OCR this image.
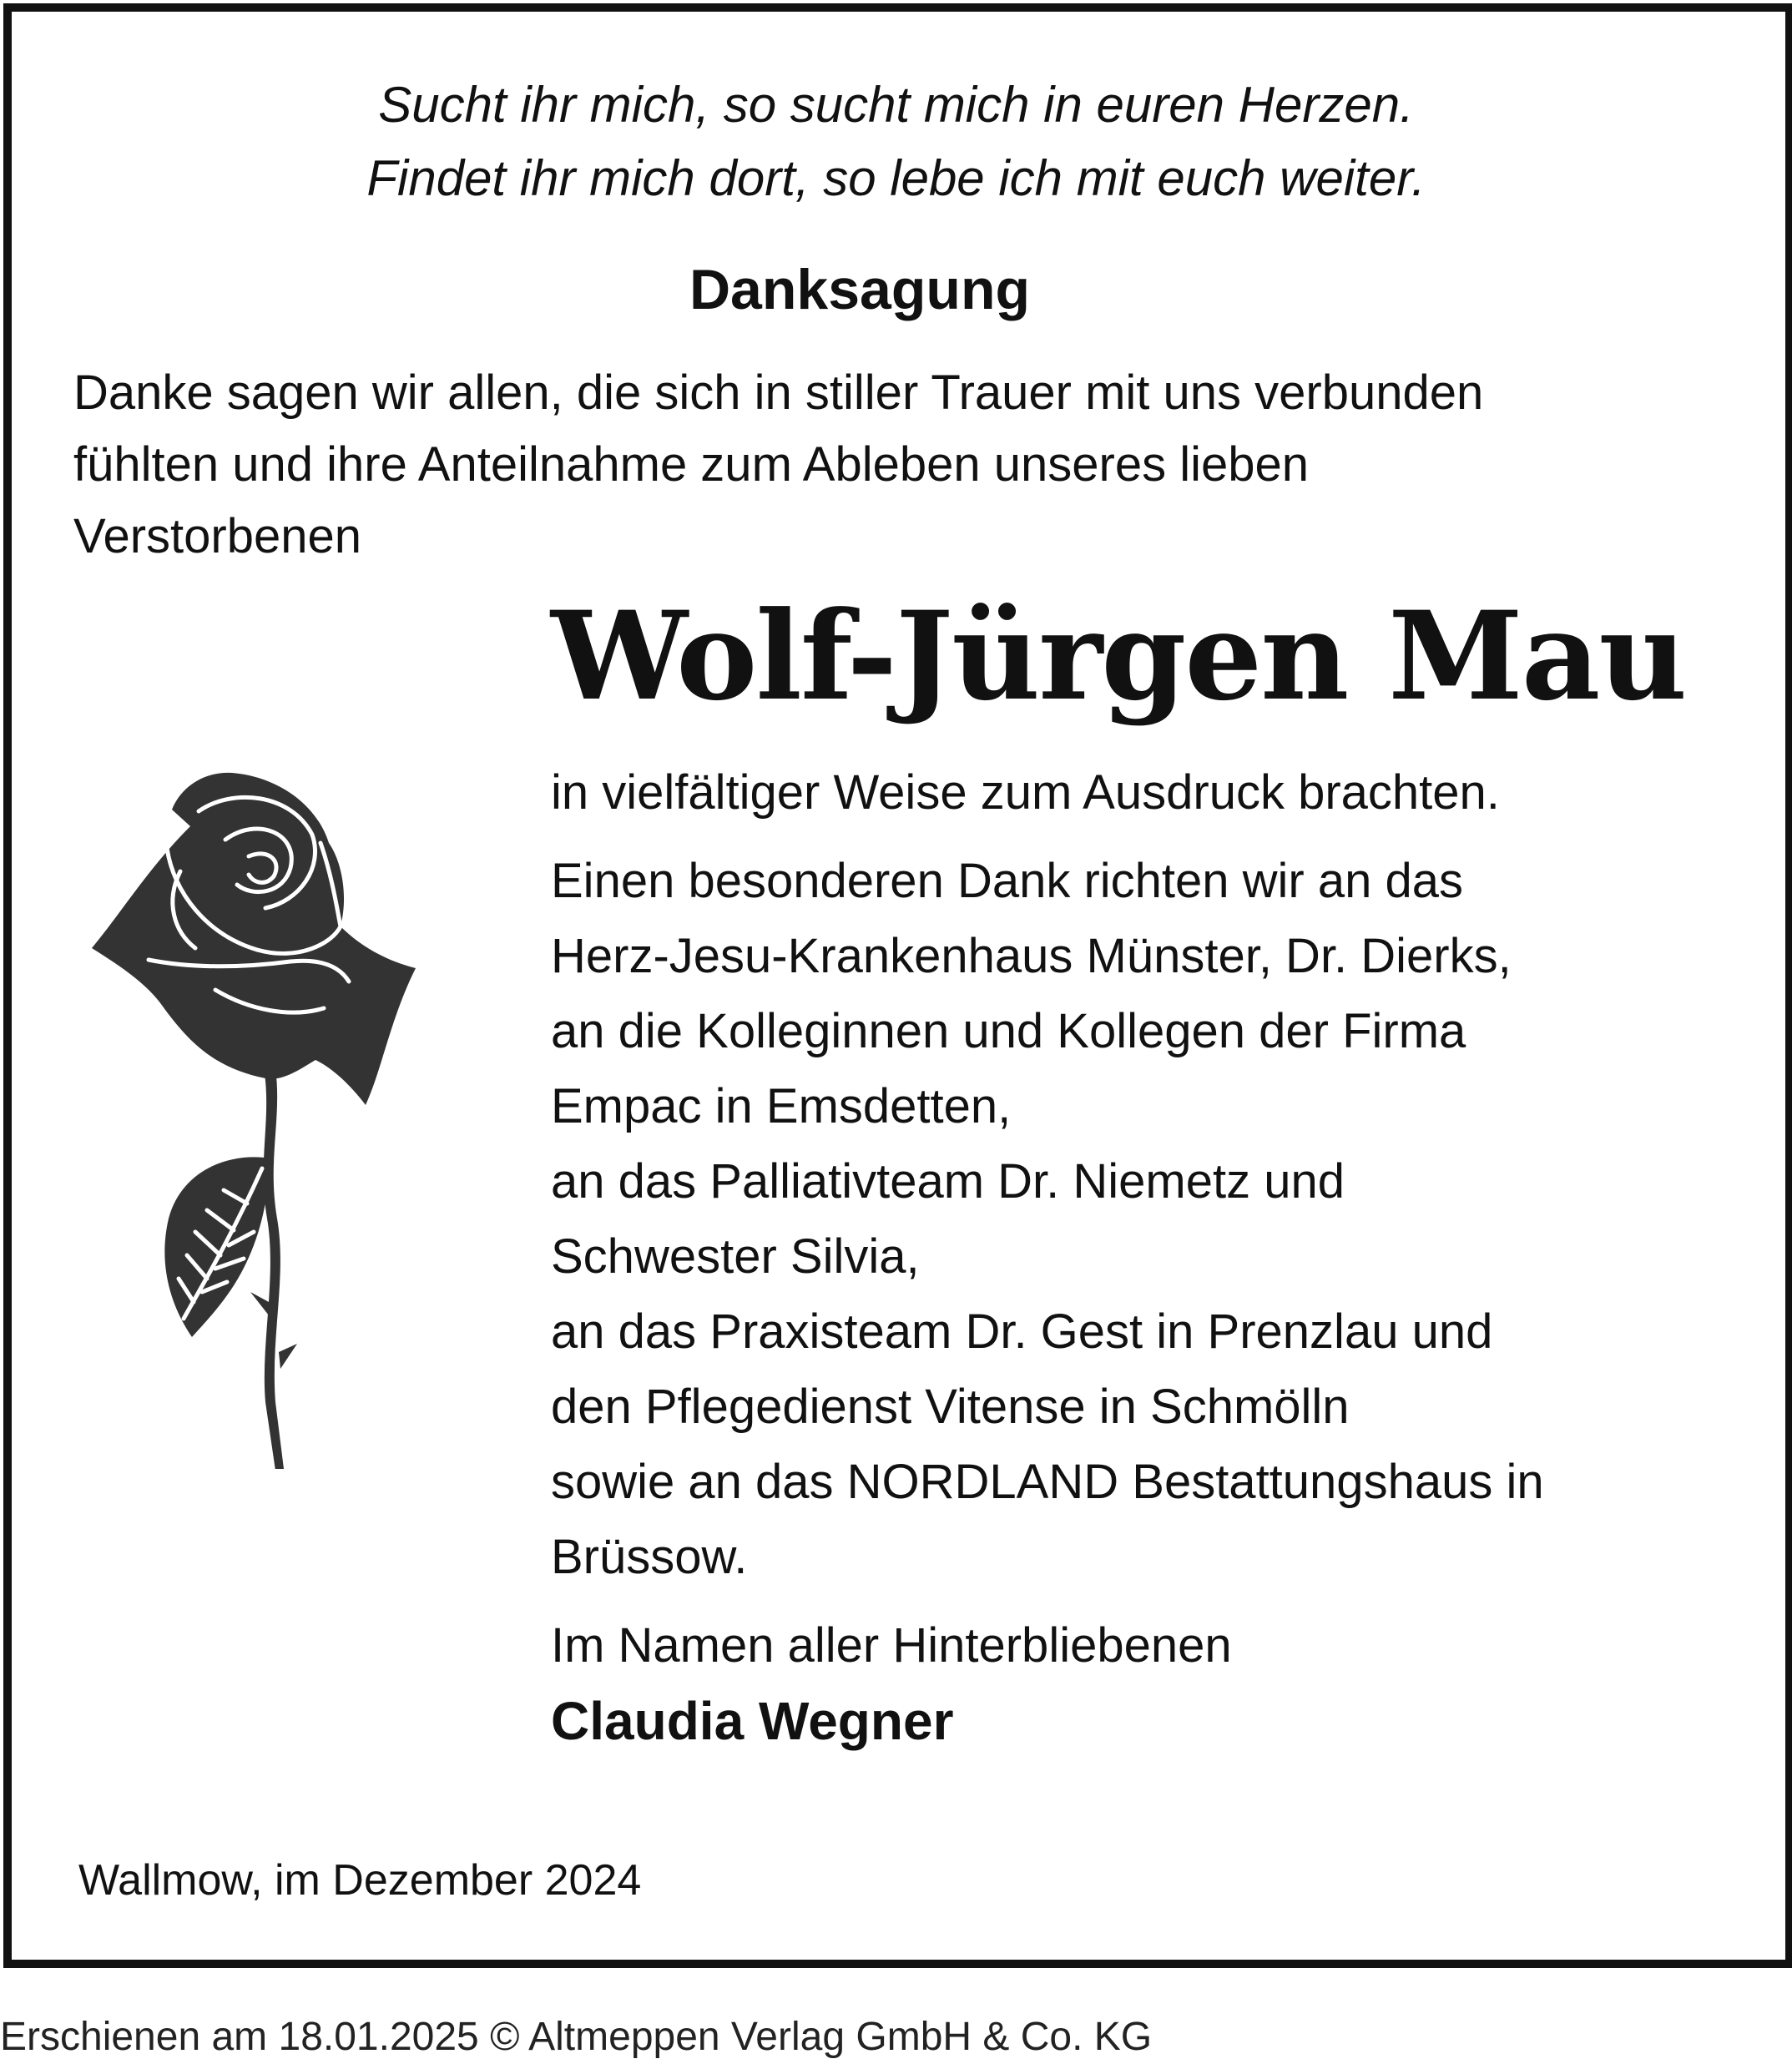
Sucht ihr mich, so sucht mich in euren Herzen.
Findet ihr mich dort, so lebe ich mit euch weiter.
Danksagung
Danke sagen wir allen, die sich in stiller Trauer mit uns verbunden
fühlten und ihre Anteilnahme zum Ableben unseres lieben
Verstorbenen
Wolf-Jürgen Mau
in vielfältiger Weise zum Ausdruck brachten.
Einen besonderen Dank richten wir an das
Herz-Jesu-Krankenhaus Münster, Dr. Dierks,
an die Kolleginnen und Kollegen der Firma
Empac in Emsdetten,
an das Palliativteam Dr. Niemetz und
Schwester Silvia,
an das Praxisteam Dr. Gest in Prenzlau und
den Pflegedienst Vitense in Schmölln
sowie an das NORDLAND Bestattungshaus in
Brüssow.
Im Namen aller Hinterbliebenen
Claudia Wegner
Wallmow, im Dezember 2024
Erschienen am 18.01.2025 © Altmeppen Verlag GmbH & Co. KG
